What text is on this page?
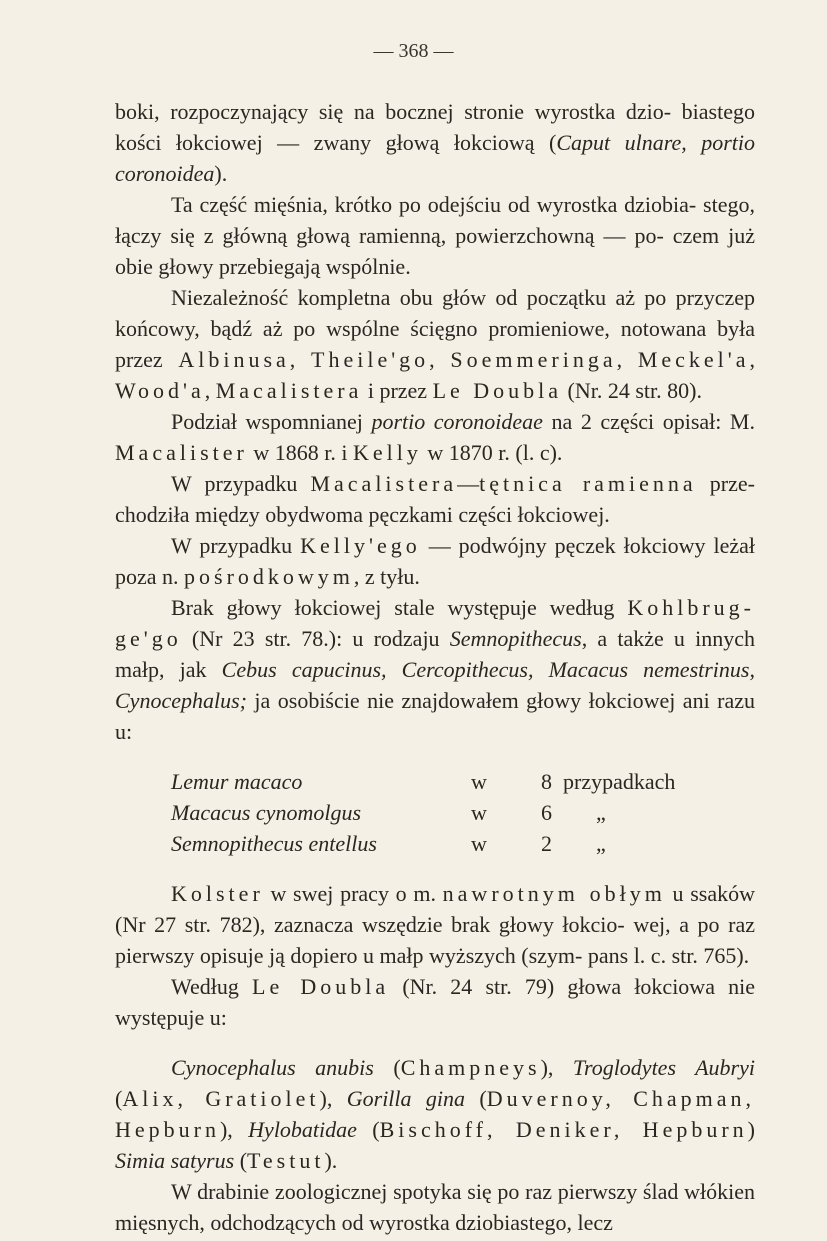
— 368 —

boki, rozpoczynający się na bocznej stronie wyrostka dzio- biastego kości łokciowej — zwany głową łokciową (Caput ulnare, portio coronoidea).

Ta część mięśnia, krótko po odejściu od wyrostka dziobia- stego, łączy się z główną głową ramienną, powierzchowną — po- czem już obie głowy przebiegają wspólnie.

Niezależność kompletna obu głów od początku aż po przyczep końcowy, bądź aż po wspólne ścięgno promieniowe, notowana była przez Albinusa, Theile'go, Soemmeringa, Meckel'a, Wood'a, Macalistera i przez Le Doubla (Nr. 24 str. 80).

Podział wspomnianej portio coronoideae na 2 części opisał: M. Macalister w 1868 r. i Kelly w 1870 r. (l. c).

W przypadku Macalistera—tętnica ramienna prze- chodziła między obydwoma pęczkami części łokciowej.

W przypadku Kelly'ego — podwójny pęczek łokciowy leżał poza n. pośrodkowym, z tyłu.

Brak głowy łokciowej stale występuje według Kohlbrug- ge'go (Nr 23 str. 78.): u rodzaju Semnopithecus, a także u innych małp, jak Cebus capucinus, Cercopithecus, Macacus nemestrinus, Cynocephalus; ja osobiście nie znajdowałem głowy łokciowej ani razu u:

Lemur macaco	w	8 przypadkach
Macacus cynomolgus	w	6 „
Semnopithecus entellus	w	2 „

Kolster w swej pracy o m. nawrotnym obłym u ssaków (Nr 27 str. 782), zaznacza wszędzie brak głowy łokcio- wej, a po raz pierwszy opisuje ją dopiero u małp wyższych (szym- pans l. c. str. 765).

Według Le Doubla (Nr. 24 str. 79) głowa łokciowa nie występuje u:

Cynocephalus anubis (Champneys), Troglodytes Aubryi (Alix, Gratiolet), Gorilla gina (Duvernoy, Chapman, Hepburn), Hylobatidae (Bischoff, Deniker, Hepburn) Simia satyrus (Testut).

W drabinie zoologicznej spotyka się po raz pierwszy ślad włókien mięsnych, odchodzących od wyrostka dziobiastego, lecz
